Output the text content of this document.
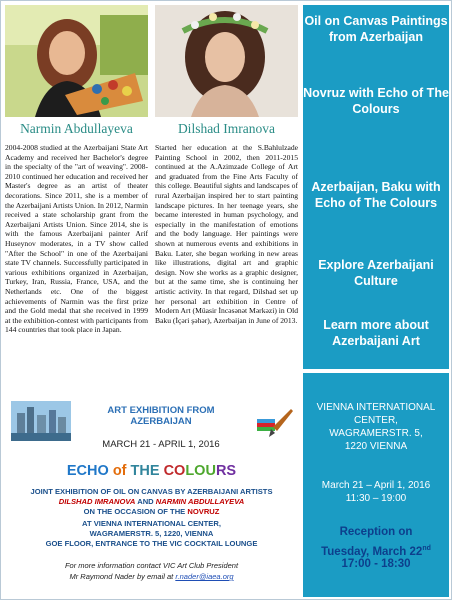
Narmin Abdullayeva	Dilshad Imranova
2004-2008 studied at the Azerbaijani State Art Academy and received her Bachelor's degree in the specialty of the "art of weaving". 2008-2010 continued her education and received her Master's degree as an artist of theater decorations. Since 2011, she is a member of the Azerbaijani Artists Union. In 2012, Narmin received a state scholarship grant from the Azerbaijani Artists Union. Since 2014, she is with the famous Azerbaijani painter Arif Huseynov moderates, in a TV show called "After the School" in one of the Azerbaijani state TV channels. Successfully participated in various exhibitions organized in Azerbaijan, Turkey, Iran, Russia, France, USA, and the Netherlands etc. One of the biggest achievements of Narmin was the first prize and the Gold medal that she received in 1999 at the exhibition-contest with participants from 144 countries that took place in Japan.
Started her education at the S.Bahlulzade Painting School in 2002, then 2011-2015 continued at the A.Azimzade College of Art and graduated from the Fine Arts Faculty of this college. Beautiful sights and landscapes of rural Azerbaijan inspired her to start painting landscape pictures. In her teenage years, she became interested in human psychology, and especially in the manifestation of emotions and the body language. Her paintings were shown at numerous events and exhibitions in Baku. Later, she began working in new areas like illustrations, digital art and graphic design. Now she works as a graphic designer, but at the same time, she is continuing her artistic activity. In that regard, Dilshad set up her personal art exhibition in Centre of Modern Art (Müasir İncəsənət Mərkəzi) in Old Baku (İçəri şəhər), Azerbaijan in June of 2013.
Oil on Canvas Paintings from Azerbaijan
Novruz with Echo of The Colours
Azerbaijan, Baku with Echo of The Colours
Explore Azerbaijani Culture
Learn more about Azerbaijani Art
ART EXHIBITION FROM AZERBAIJAN
MARCH 21 - APRIL 1, 2016
ECHO of THE COLOURS
JOINT EXHIBITION OF OIL ON CANVAS BY AZERBAIJANI ARTISTS
DILSHAD IMRANOVA AND NARMIN ABDULLAYEVA
ON THE OCCASION OF THE NOVRUZ
AT VIENNA INTERNATIONAL CENTER,
WAGRAMERSTR. 5, 1220, VIENNA
GOE FLOOR, ENTRANCE TO THE VIC COCKTAIL LOUNGE
For more information contact VIC Art Club President
Mr Raymond Nader by email at r.nader@iaea.org
VIENNA INTERNATIONAL
CENTER,
WAGRAMERSTR. 5,
1220 VIENNA
March 21 – April 1, 2016
11:30 – 19:00
Reception on
Tuesday, March 22nd
17:00 - 18:30
